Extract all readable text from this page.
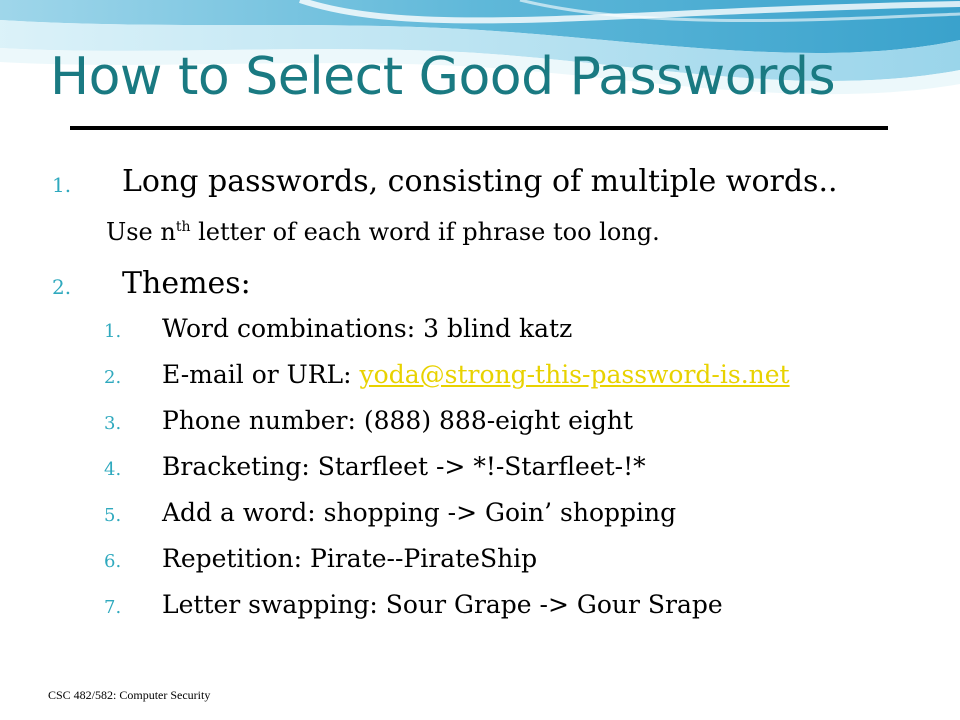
How to Select Good Passwords
1. Long passwords, consisting of multiple words..
Use $n^{th}$ letter of each word if phrase too long.
2. Themes:
1. Word combinations: 3 blind katz
2. E-mail or URL: yoda@strong-this-password-is.net
3. Phone number: (888) 888-eight eight
4. Bracketing: Starfleet -> *!-Starfleet-!*
5. Add a word: shopping -> Goin’ shopping
6. Repetition: Pirate--PirateShip
7. Letter swapping: Sour Grape -> Gour Srape
CSC 482/582: Computer Security
